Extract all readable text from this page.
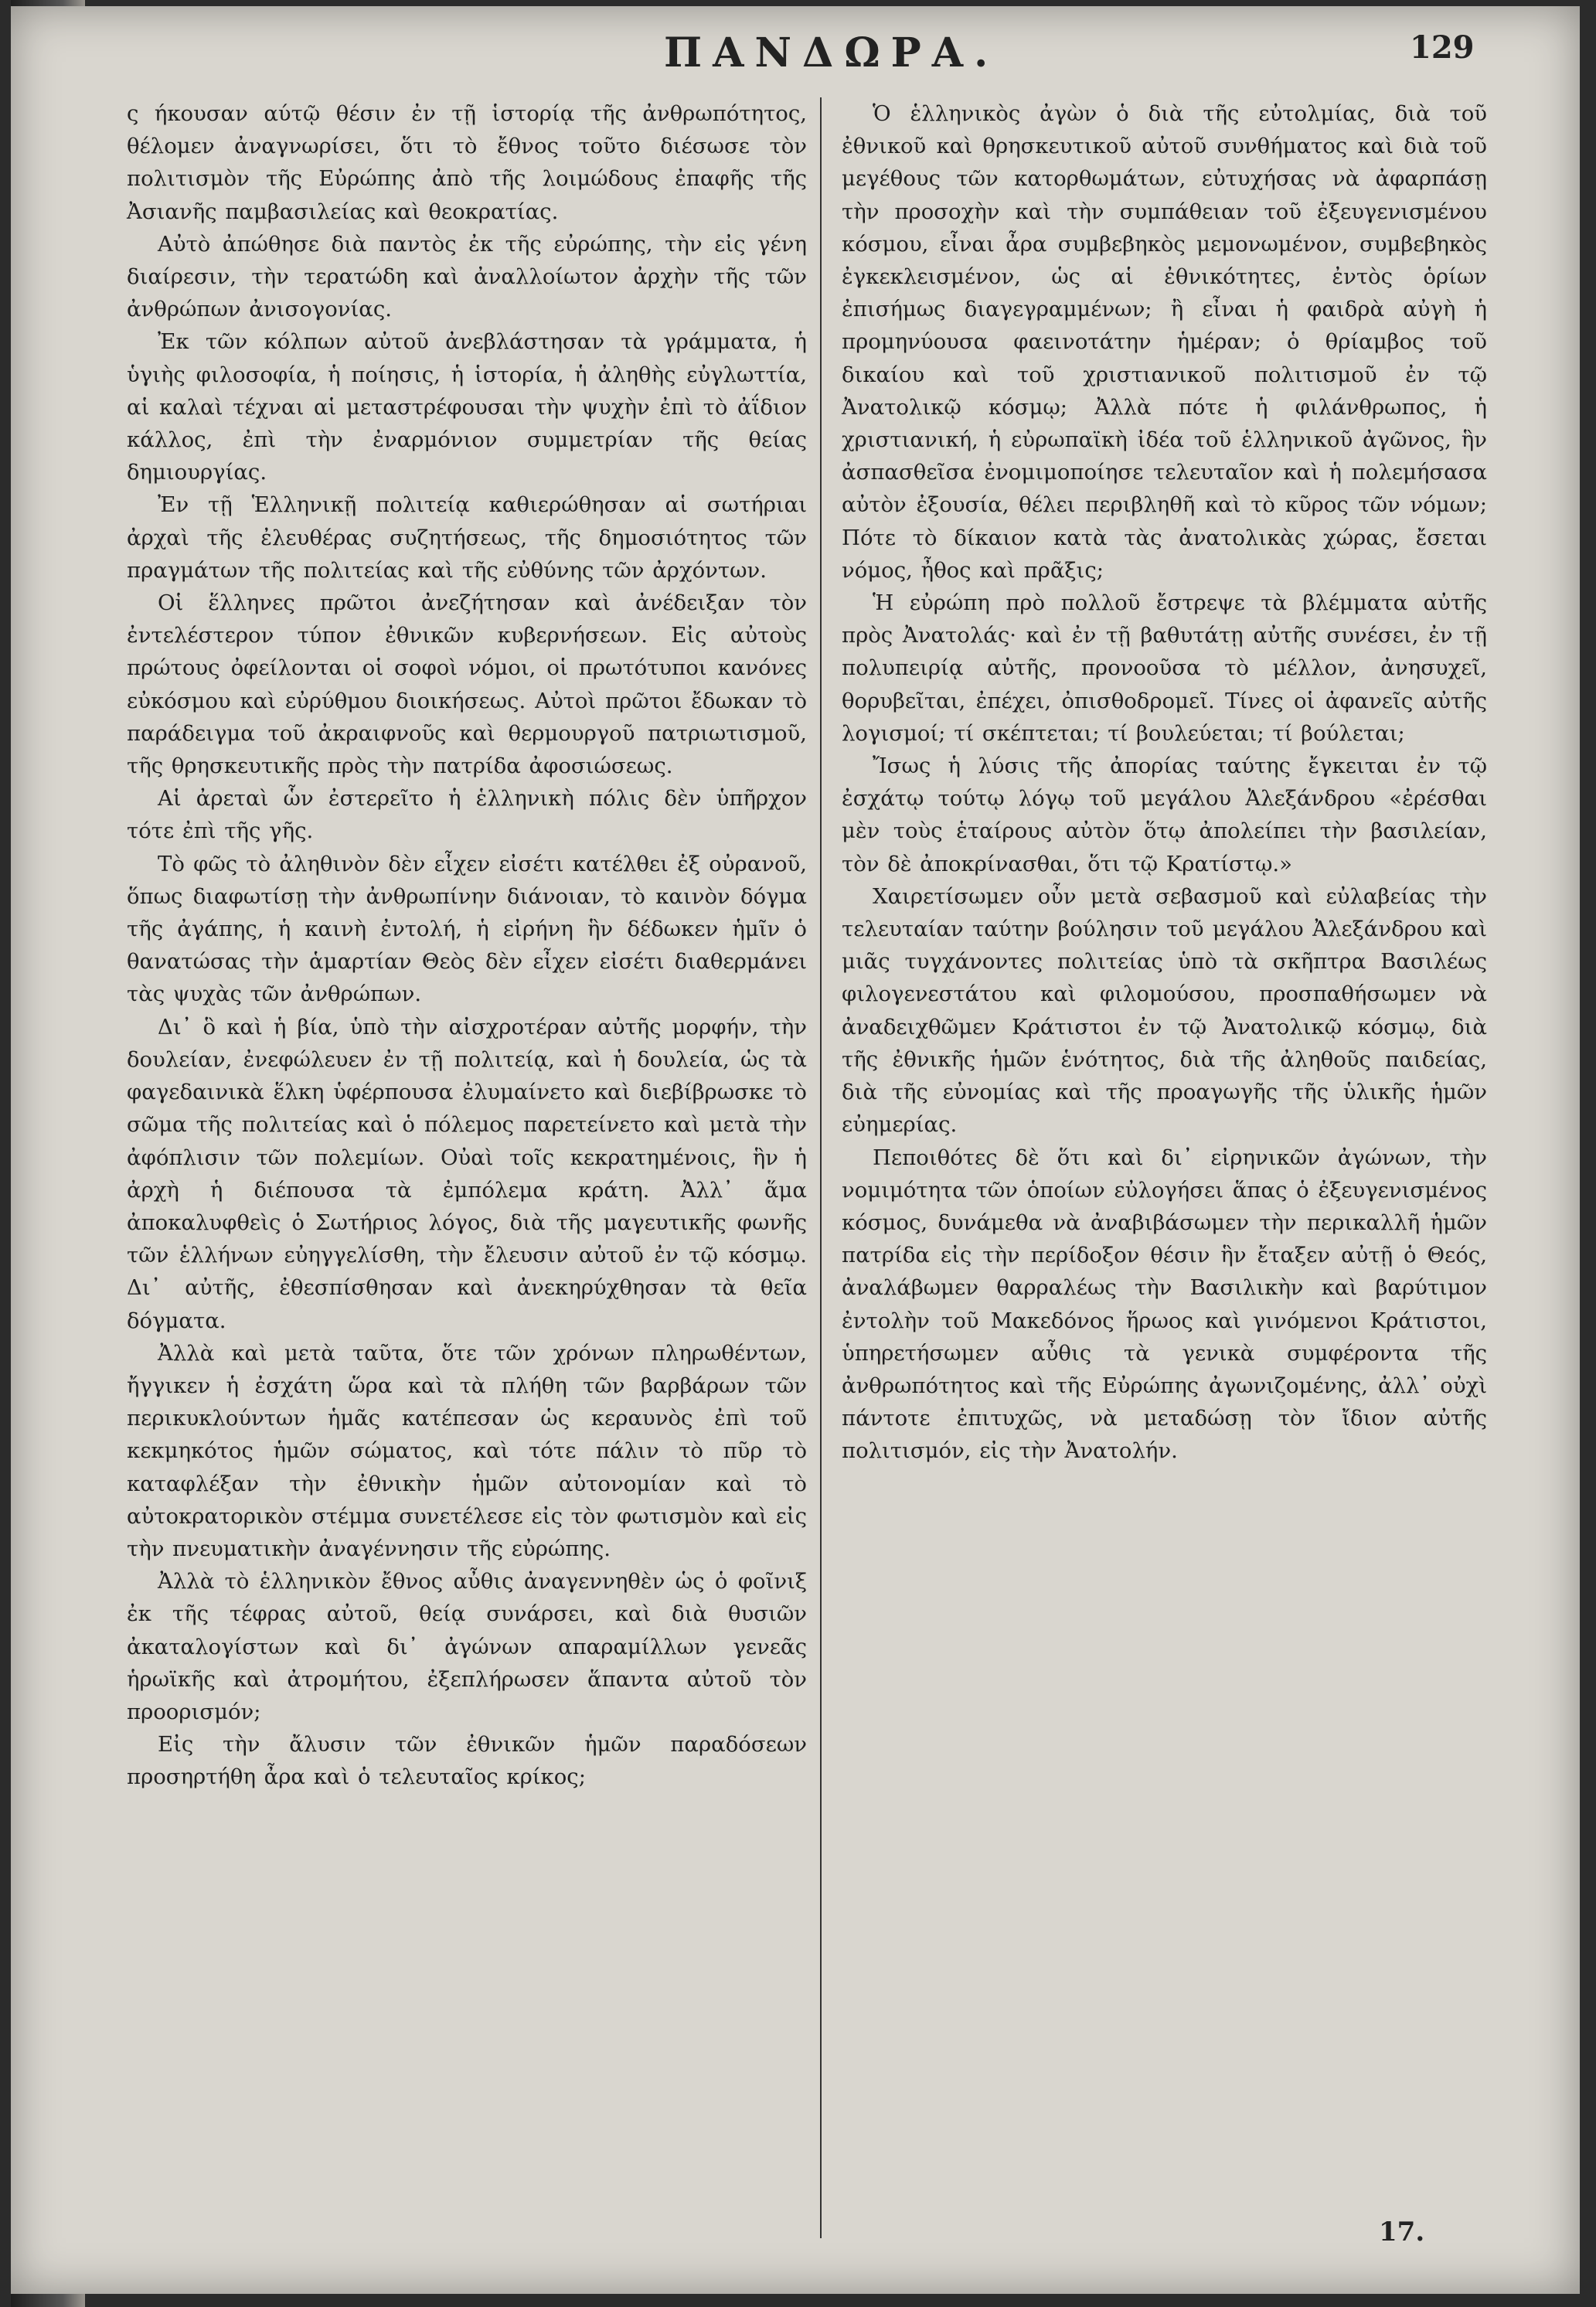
ΠΑΝΔΩΡΑ.	129

ς ήκουσαν αύτῷ θέσιν ἐν τῇ ἱστορίᾳ τῆς ἀνθρωπότητος, θέλομεν ἀναγνωρίσει, ὅτι τὸ ἔθνος τοῦτο διέσωσε τὸν πολιτισμὸν τῆς Εὐρώπης ἀπὸ τῆς λοιμώδους ἐπαφῆς τῆς Ἀσιανῆς παμβασιλείας καὶ θεοκρατίας.

Αὐτὸ ἀπώθησε διὰ παντὸς ἐκ τῆς εὐρώπης, τὴν εἰς γένη διαίρεσιν, τὴν τερατώδη καὶ ἀναλλοίωτον ἀρχὴν τῆς τῶν ἀνθρώπων ἀνισογονίας.

Ἐκ τῶν κόλπων αὐτοῦ ἀνεβλάστησαν τὰ γράμματα, ἡ ὑγιὴς φιλοσοφία, ἡ ποίησις, ἡ ἱστορία, ἡ ἀληθὴς εὐγλωττία, αἱ καλαὶ τέχναι αἱ μεταστρέφουσαι τὴν ψυχὴν ἐπὶ τὸ ἀΐδιον κάλλος, ἐπὶ τὴν ἐναρμόνιον συμμετρίαν τῆς θείας δημιουργίας.

Ἐν τῇ Ἑλληνικῇ πολιτείᾳ καθιερώθησαν αἱ σωτήριαι ἀρχαὶ τῆς ἐλευθέρας συζητήσεως, τῆς δημοσιότητος τῶν πραγμάτων τῆς πολιτείας καὶ τῆς εὐθύνης τῶν ἀρχόντων.

Οἱ ἕλληνες πρῶτοι ἀνεζήτησαν καὶ ἀνέδειξαν τὸν ἐντελέστερον τύπον ἐθνικῶν κυβερνήσεων. Εἰς αὐτοὺς πρώτους ὀφείλονται οἱ σοφοὶ νόμοι, οἱ πρωτότυποι κανόνες εὐκόσμου καὶ εὐρύθμου διοικήσεως. Αὐτοὶ πρῶτοι ἔδωκαν τὸ παράδειγμα τοῦ ἀκραιφνοῦς καὶ θερμουργοῦ πατριωτισμοῦ, τῆς θρησκευτικῆς πρὸς τὴν πατρίδα ἀφοσιώσεως.

Αἱ ἀρεταὶ ὧν ἐστερεῖτο ἡ ἑλληνικὴ πόλις δὲν ὑπῆρχον τότε ἐπὶ τῆς γῆς.

Τὸ φῶς τὸ ἀληθινὸν δὲν εἶχεν εἰσέτι κατέλθει ἐξ οὐρανοῦ, ὅπως διαφωτίσῃ τὴν ἀνθρωπίνην διάνοιαν, τὸ καινὸν δόγμα τῆς ἀγάπης, ἡ καινὴ ἐντολή, ἡ εἰρήνη ἣν δέδωκεν ἡμῖν ὁ θανατώσας τὴν ἁμαρτίαν Θεὸς δὲν εἶχεν εἰσέτι διαθερμάνει τὰς ψυχὰς τῶν ἀνθρώπων.

Δι᾽ ὃ καὶ ἡ βία, ὑπὸ τὴν αἰσχροτέραν αὐτῆς μορφήν, τὴν δουλείαν, ἐνεφώλευεν ἐν τῇ πολιτείᾳ, καὶ ἡ δουλεία, ὡς τὰ φαγεδαινικὰ ἕλκη ὑφέρπουσα ἐλυμαίνετο καὶ διεβίβρωσκε τὸ σῶμα τῆς πολιτείας καὶ ὁ πόλεμος παρετείνετο καὶ μετὰ τὴν ἀφόπλισιν τῶν πολεμίων. Οὐαὶ τοῖς κεκρατημένοις, ἣν ἡ ἀρχὴ ἡ διέπουσα τὰ ἐμπόλεμα κράτη. Ἀλλ᾽ ἅμα ἀποκαλυφθεὶς ὁ Σωτήριος λόγος, διὰ τῆς μαγευτικῆς φωνῆς τῶν ἑλλήνων εὐηγγελίσθη, τὴν ἔλευσιν αὐτοῦ ἐν τῷ κόσμῳ. Δι᾽ αὐτῆς, ἐθεσπίσθησαν καὶ ἀνεκηρύχθησαν τὰ θεῖα δόγματα.

Ἀλλὰ καὶ μετὰ ταῦτα, ὅτε τῶν χρόνων πληρωθέντων, ἤγγικεν ἡ ἐσχάτη ὥρα καὶ τὰ πλήθη τῶν βαρβάρων τῶν περικυκλούντων ἡμᾶς κατέπεσαν ὡς κεραυνὸς ἐπὶ τοῦ κεκμηκότος ἡμῶν σώματος, καὶ τότε πάλιν τὸ πῦρ τὸ καταφλέξαν τὴν ἐθνικὴν ἡμῶν αὐτονομίαν καὶ τὸ αὐτοκρατορικὸν στέμμα συνετέλεσε εἰς τὸν φωτισμὸν καὶ εἰς τὴν πνευματικὴν ἀναγέννησιν τῆς εὐρώπης.

Ἀλλὰ τὸ ἑλληνικὸν ἔθνος αὖθις ἀναγεννηθὲν ὡς ὁ φοῖνιξ ἐκ τῆς τέφρας αὐτοῦ, θείᾳ συνάρσει, καὶ διὰ θυσιῶν ἀκαταλογίστων καὶ δι᾽ ἀγώνων απαραμίλλων γενεᾶς ἡρωϊκῆς καὶ ἀτρομήτου, ἐξεπλήρωσεν ἅπαντα αὐτοῦ τὸν προορισμόν;

Εἰς τὴν ἄλυσιν τῶν ἐθνικῶν ἡμῶν παραδόσεων προσηρτήθη ἆρα καὶ ὁ τελευταῖος κρίκος;

Ὁ ἑλληνικὸς ἀγὼν ὁ διὰ τῆς εὐτολμίας, διὰ τοῦ ἐθνικοῦ καὶ θρησκευτικοῦ αὐτοῦ συνθήματος καὶ διὰ τοῦ μεγέθους τῶν κατορθωμάτων, εὐτυχήσας νὰ ἀφαρπάσῃ τὴν προσοχὴν καὶ τὴν συμπάθειαν τοῦ ἐξευγενισμένου κόσμου, εἶναι ἆρα συμβεβηκὸς μεμονωμένον, συμβεβηκὸς ἐγκεκλεισμένον, ὡς αἱ ἐθνικότητες, ἐντὸς ὁρίων ἐπισήμως διαγεγραμμένων; ἢ εἶναι ἡ φαιδρὰ αὐγὴ ἡ προμηνύουσα φαεινοτάτην ἡμέραν; ὁ θρίαμβος τοῦ δικαίου καὶ τοῦ χριστιανικοῦ πολιτισμοῦ ἐν τῷ Ἀνατολικῷ κόσμῳ; Ἀλλὰ πότε ἡ φιλάνθρωπος, ἡ χριστιανική, ἡ εὐρωπαϊκὴ ἰδέα τοῦ ἑλληνικοῦ ἀγῶνος, ἣν ἀσπασθεῖσα ἐνομιμοποίησε τελευταῖον καὶ ἡ πολεμήσασα αὐτὸν ἐξουσία, θέλει περιβληθῆ καὶ τὸ κῦρος τῶν νόμων; Πότε τὸ δίκαιον κατὰ τὰς ἀνατολικὰς χώρας, ἔσεται νόμος, ἦθος καὶ πρᾶξις;

Ἡ εὐρώπη πρὸ πολλοῦ ἔστρεψε τὰ βλέμματα αὐτῆς πρὸς Ἀνατολάς· καὶ ἐν τῇ βαθυτάτῃ αὐτῆς συνέσει, ἐν τῇ πολυπειρίᾳ αὐτῆς, προνοοῦσα τὸ μέλλον, ἀνησυχεῖ, θορυβεῖται, ἐπέχει, ὀπισθοδρομεῖ. Τίνες οἱ ἀφανεῖς αὐτῆς λογισμοί; τί σκέπτεται; τί βουλεύεται; τί βούλεται;

Ἴσως ἡ λύσις τῆς ἀπορίας ταύτης ἔγκειται ἐν τῷ ἐσχάτῳ τούτῳ λόγῳ τοῦ μεγάλου Ἀλεξάνδρου «ἐρέσθαι μὲν τοὺς ἑταίρους αὐτὸν ὅτῳ ἀπολείπει τὴν βασιλείαν, τὸν δὲ ἀποκρίνασθαι, ὅτι τῷ Κρατίστῳ.»

Χαιρετίσωμεν οὖν μετὰ σεβασμοῦ καὶ εὐλαβείας τὴν τελευταίαν ταύτην βούλησιν τοῦ μεγάλου Ἀλεξάνδρου καὶ μιᾶς τυγχάνοντες πολιτείας ὑπὸ τὰ σκῆπτρα Βασιλέως φιλογενεστάτου καὶ φιλομούσου, προσπαθήσωμεν νὰ ἀναδειχθῶμεν Κράτιστοι ἐν τῷ Ἀνατολικῷ κόσμῳ, διὰ τῆς ἐθνικῆς ἡμῶν ἑνότητος, διὰ τῆς ἀληθοῦς παιδείας, διὰ τῆς εὐνομίας καὶ τῆς προαγωγῆς τῆς ὑλικῆς ἡμῶν εὐημερίας.

Πεποιθότες δὲ ὅτι καὶ δι᾽ εἰρηνικῶν ἀγώνων, τὴν νομιμότητα τῶν ὁποίων εὐλογήσει ἅπας ὁ ἐξευγενισμένος κόσμος, δυνάμεθα νὰ ἀναβιβάσωμεν τὴν περικαλλῆ ἡμῶν πατρίδα εἰς τὴν περίδοξον θέσιν ἣν ἔταξεν αὐτῇ ὁ Θεός, ἀναλάβωμεν θαρραλέως τὴν Βασιλικὴν καὶ βαρύτιμον ἐντολὴν τοῦ Μακεδόνος ἥρωος καὶ γινόμενοι Κράτιστοι, ὑπηρετήσωμεν αὖθις τὰ γενικὰ συμφέροντα τῆς ἀνθρωπότητος καὶ τῆς Εὐρώπης ἀγωνιζομένης, ἀλλ᾽ οὐχὶ πάντοτε ἐπιτυχῶς, νὰ μεταδώσῃ τὸν ἴδιον αὐτῆς πολιτισμόν, εἰς τὴν Ἀνατολήν.

17.
